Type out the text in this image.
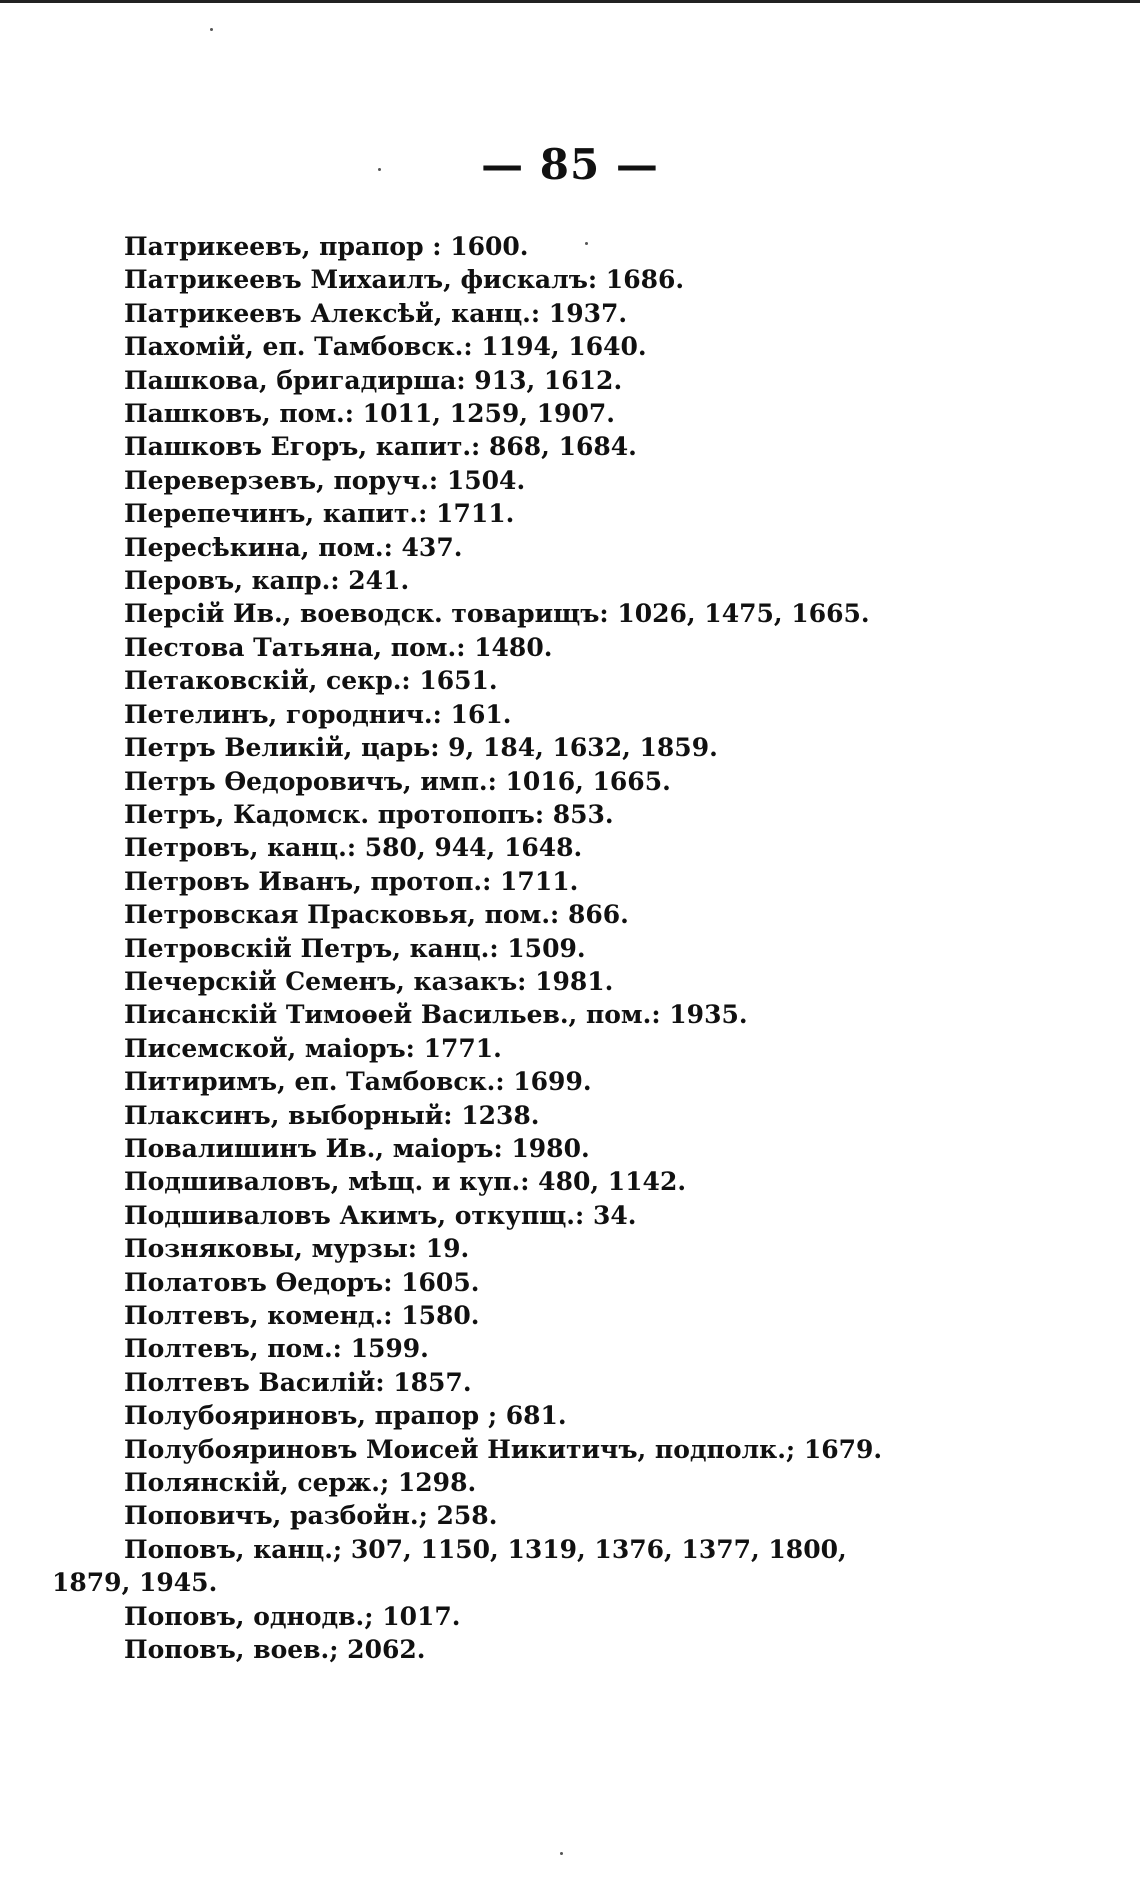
— 85 —
Патрикеевъ, прапор : 1600.
Патрикеевъ Михаилъ, фискалъ: 1686.
Патрикеевъ Алексѣй, канц.: 1937.
Пахомій, еп. Тамбовск.: 1194, 1640.
Пашкова, бригадирша: 913, 1612.
Пашковъ, пом.: 1011, 1259, 1907.
Пашковъ Егоръ, капит.: 868, 1684.
Переверзевъ, поруч.: 1504.
Перепечинъ, капит.: 1711.
Пересѣкина, пом.: 437.
Перовъ, капр.: 241.
Персій Ив., воеводск. товарищъ: 1026, 1475, 1665.
Пестова Татьяна, пом.: 1480.
Петаковскій, секр.: 1651.
Петелинъ, городнич.: 161.
Петръ Великій, царь: 9, 184, 1632, 1859.
Петръ Ѳедоровичъ, имп.: 1016, 1665.
Петръ, Кадомск. протопопъ: 853.
Петровъ, канц.: 580, 944, 1648.
Петровъ Иванъ, протоп.: 1711.
Петровская Прасковья, пом.: 866.
Петровскій Петръ, канц.: 1509.
Печерскій Семенъ, казакъ: 1981.
Писанскій Тимоѳей Васильев., пом.: 1935.
Писемской, маіоръ: 1771.
Питиримъ, еп. Тамбовск.: 1699.
Плаксинъ, выборный: 1238.
Повалишинъ Ив., маіоръ: 1980.
Подшиваловъ, мѣщ. и куп.: 480, 1142.
Подшиваловъ Акимъ, откупщ.: 34.
Позняковы, мурзы: 19.
Полатовъ Ѳедоръ: 1605.
Полтевъ, коменд.: 1580.
Полтевъ, пом.: 1599.
Полтевъ Василій: 1857.
Полубояриновъ, прапор ; 681.
Полубояриновъ Моисей Никитичъ, подполк.; 1679.
Полянскій, серж.; 1298.
Поповичъ, разбойн.; 258.
Поповъ, канц.; 307, 1150, 1319, 1376, 1377, 1800,
1879, 1945.
Поповъ, однодв.; 1017.
Поповъ, воев.; 2062.
